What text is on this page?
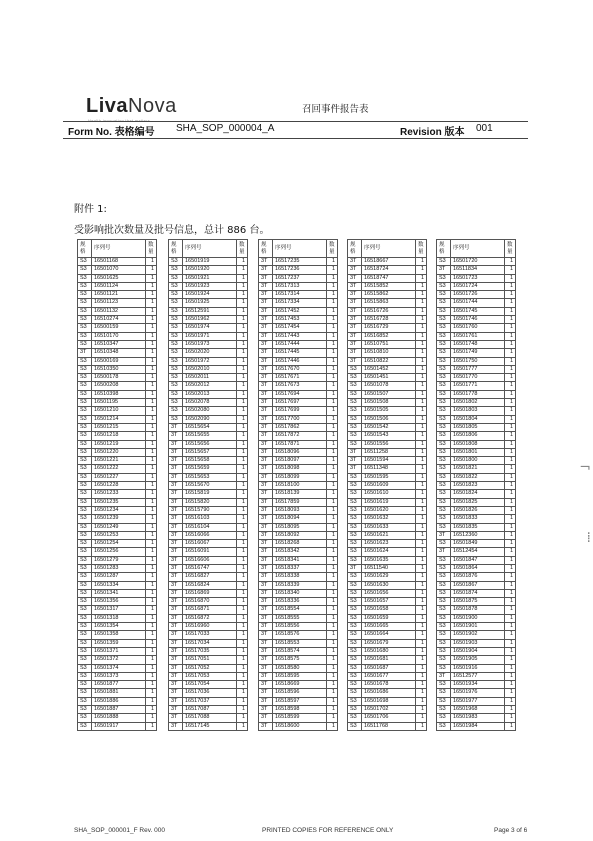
LivaNova
Health innovation that matters
召回事件报告表
Form No. 表格编号 SHA_SOP_000004_A	Revision 版本 001
附件 1:
受影响批次数量及批号信息，总计 886 台。
规格	序列号	数量
S3	16501168	1
S3	16501070	1
S3	16501625	1
S3	16501124	1
S3	16501121	1
S3	16501123	1
S3	16501132	1
S3	16510274	1
S3	16500159	1
S3	16510170	1
S3	16510347	1
3T	16510348	1
S3	16500169	1
S3	16510350	1
S3	16500178	1
S3	16500208	1
S3	16510398	1
S3	16501195	1
S3	16501210	1
S3	16501214	1
S3	16501215	1
S3	16501218	1
S3	16501219	1
S3	16501220	1
S3	16501221	1
S3	16501222	1
S3	16501227	1
S3	16501228	1
S3	16501233	1
S3	16501235	1
S3	16501234	1
S3	16501239	1
S3	16501249	1
S3	16501253	1
S3	16501254	1
S3	16501256	1
S3	16501279	1
S3	16501283	1
S3	16501287	1
S3	16501334	1
S3	16501341	1
S3	16501356	1
S3	16501317	1
S3	16501318	1
S3	16501354	1
S3	16501358	1
S3	16501359	1
S3	16501371	1
S3	16501372	1
S3	16501374	1
S3	16501373	1
S3	16501877	1
S3	16501881	1
S3	16501886	1
S3	16501887	1
S3	16501888	1
S3	16501917	1
规格	序列号	数量
S3	16501919	1
S3	16501920	1
S3	16501921	1
S3	16501923	1
S3	16501924	1
S3	16501925	1
S3	16512591	1
S3	16501962	1
S3	16501974	1
S3	16501971	1
S3	16501973	1
S3	16502020	1
S3	16501972	1
S3	16502010	1
S3	16502011	1
S3	16502012	1
S3	16502013	1
S3	16502078	1
S3	16502080	1
S3	16502090	1
3T	16515654	1
3T	16515655	1
3T	16515656	1
3T	16515657	1
3T	16515658	1
3T	16515659	1
3T	16515653	1
3T	16515670	1
3T	16515819	1
3T	16515820	1
3T	16515790	1
3T	16516103	1
3T	16516104	1
3T	16516066	1
3T	16516067	1
3T	16516091	1
3T	16516606	1
3T	16516747	1
3T	16516827	1
3T	16516824	1
3T	16516869	1
3T	16516870	1
3T	16516871	1
3T	16516872	1
3T	16516960	1
3T	16517033	1
3T	16517034	1
3T	16517035	1
3T	16517051	1
3T	16517052	1
3T	16517053	1
3T	16517054	1
3T	16517036	1
3T	16517037	1
3T	16517087	1
3T	16517088	1
3T	16517145	1
规格	序列号	数量
3T	16517235	1
3T	16517236	1
3T	16517237	1
3T	16517313	1
3T	16517314	1
3T	16517334	1
3T	16517452	1
3T	16517453	1
3T	16517454	1
3T	16517443	1
3T	16517444	1
3T	16517445	1
3T	16517446	1
3T	16517670	1
3T	16517671	1
3T	16517673	1
3T	16517694	1
3T	16517697	1
3T	16517699	1
3T	16517700	1
3T	16517862	1
3T	16517872	1
3T	16517871	1
3T	16518096	1
3T	16518097	1
3T	16518098	1
3T	16518099	1
3T	16518100	1
3T	16518139	1
3T	16517859	1
3T	16518093	1
3T	16518094	1
3T	16518095	1
3T	16518092	1
3T	16518268	1
3T	16518342	1
3T	16518341	1
3T	16518337	1
3T	16518338	1
3T	16518339	1
3T	16518340	1
3T	16518336	1
3T	16518554	1
3T	16518555	1
3T	16518556	1
3T	16518576	1
3T	16518553	1
3T	16518574	1
3T	16518575	1
3T	16518580	1
3T	16518595	1
3T	16518669	1
3T	16518596	1
3T	16518597	1
3T	16518598	1
3T	16518599	1
3T	16518600	1
规格	序列号	数量
3T	16518667	1
3T	16518724	1
3T	16518747	1
3T	16515852	1
3T	16515862	1
3T	16515863	1
3T	16516726	1
3T	16516728	1
3T	16516729	1
3T	16516852	1
3T	16510751	1
3T	16510810	1
3T	16510822	1
S3	16501452	1
S3	16501451	1
S3	16501078	1
S3	16501507	1
S3	16501508	1
S3	16501505	1
S3	16501506	1
S3	16501542	1
S3	16501543	1
S3	16501556	1
3T	16511258	1
3T	16501594	1
3T	16511348	1
S3	16501595	1
S3	16501609	1
S3	16501610	1
S3	16501619	1
S3	16501620	1
S3	16501632	1
S3	16501633	1
S3	16501621	1
S3	16501623	1
S3	16501624	1
S3	16501635	1
3T	16511540	1
S3	16501629	1
S3	16501630	1
S3	16501656	1
S3	16501657	1
S3	16501658	1
S3	16501659	1
S3	16501665	1
S3	16501664	1
S3	16501679	1
S3	16501680	1
S3	16501681	1
S3	16501687	1
S3	16501677	1
S3	16501678	1
S3	16501686	1
S3	16501698	1
S3	16501702	1
S3	16501706	1
S3	16511768	1
规格	序列号	数量
S3	16501720	1
3T	16511834	1
S3	16501723	1
S3	16501724	1
S3	16501726	1
S3	16501744	1
S3	16501745	1
S3	16501746	1
S3	16501760	1
S3	16501761	1
S3	16501748	1
S3	16501749	1
S3	16501750	1
S3	16501777	1
S3	16501770	1
S3	16501771	1
S3	16501778	1
S3	16501802	1
S3	16501803	1
S3	16501804	1
S3	16501805	1
S3	16501806	1
S3	16501808	1
S3	16501801	1
S3	16501800	1
S3	16501821	1
S3	16501822	1
S3	16501823	1
S3	16501824	1
S3	16501825	1
S3	16501826	1
S3	16501833	1
S3	16501835	1
3T	16512360	1
S3	16501849	1
3T	16512454	1
S3	16501847	1
S3	16501864	1
S3	16501876	1
S3	16501867	1
S3	16501874	1
S3	16501875	1
S3	16501878	1
S3	16501900	1
S3	16501901	1
S3	16501902	1
S3	16501903	1
S3	16501904	1
S3	16501905	1
S3	16501916	1
3T	16512577	1
S3	16501934	1
S3	16501976	1
S3	16501977	1
S3	16501968	1
S3	16501983	1
S3	16501984	1
¬
⁞
SHA_SOP_000001_F Rev. 000	PRINTED COPIES FOR REFERENCE ONLY	Page 3 of 6
